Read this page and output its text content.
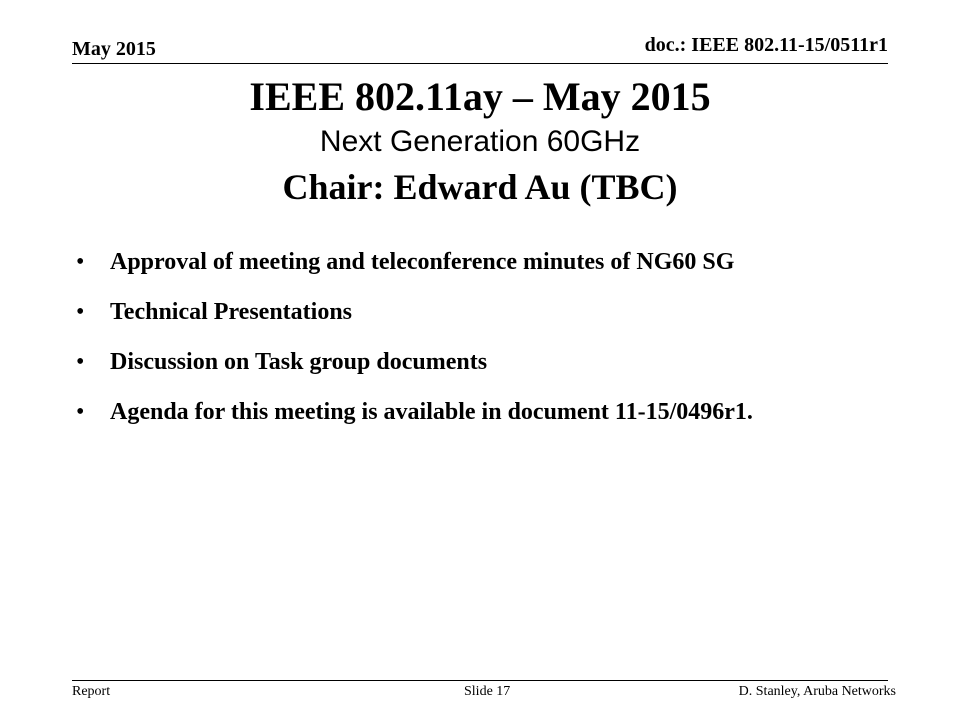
May 2015	doc.: IEEE 802.11-15/0511r1
IEEE 802.11ay – May 2015
Next Generation 60GHz
Chair: Edward Au (TBC)
• Approval of meeting and teleconference minutes of NG60 SG
• Technical Presentations
• Discussion on Task group documents
• Agenda for this meeting is available in document 11-15/0496r1.
Report	Slide 17	D. Stanley, Aruba Networks
